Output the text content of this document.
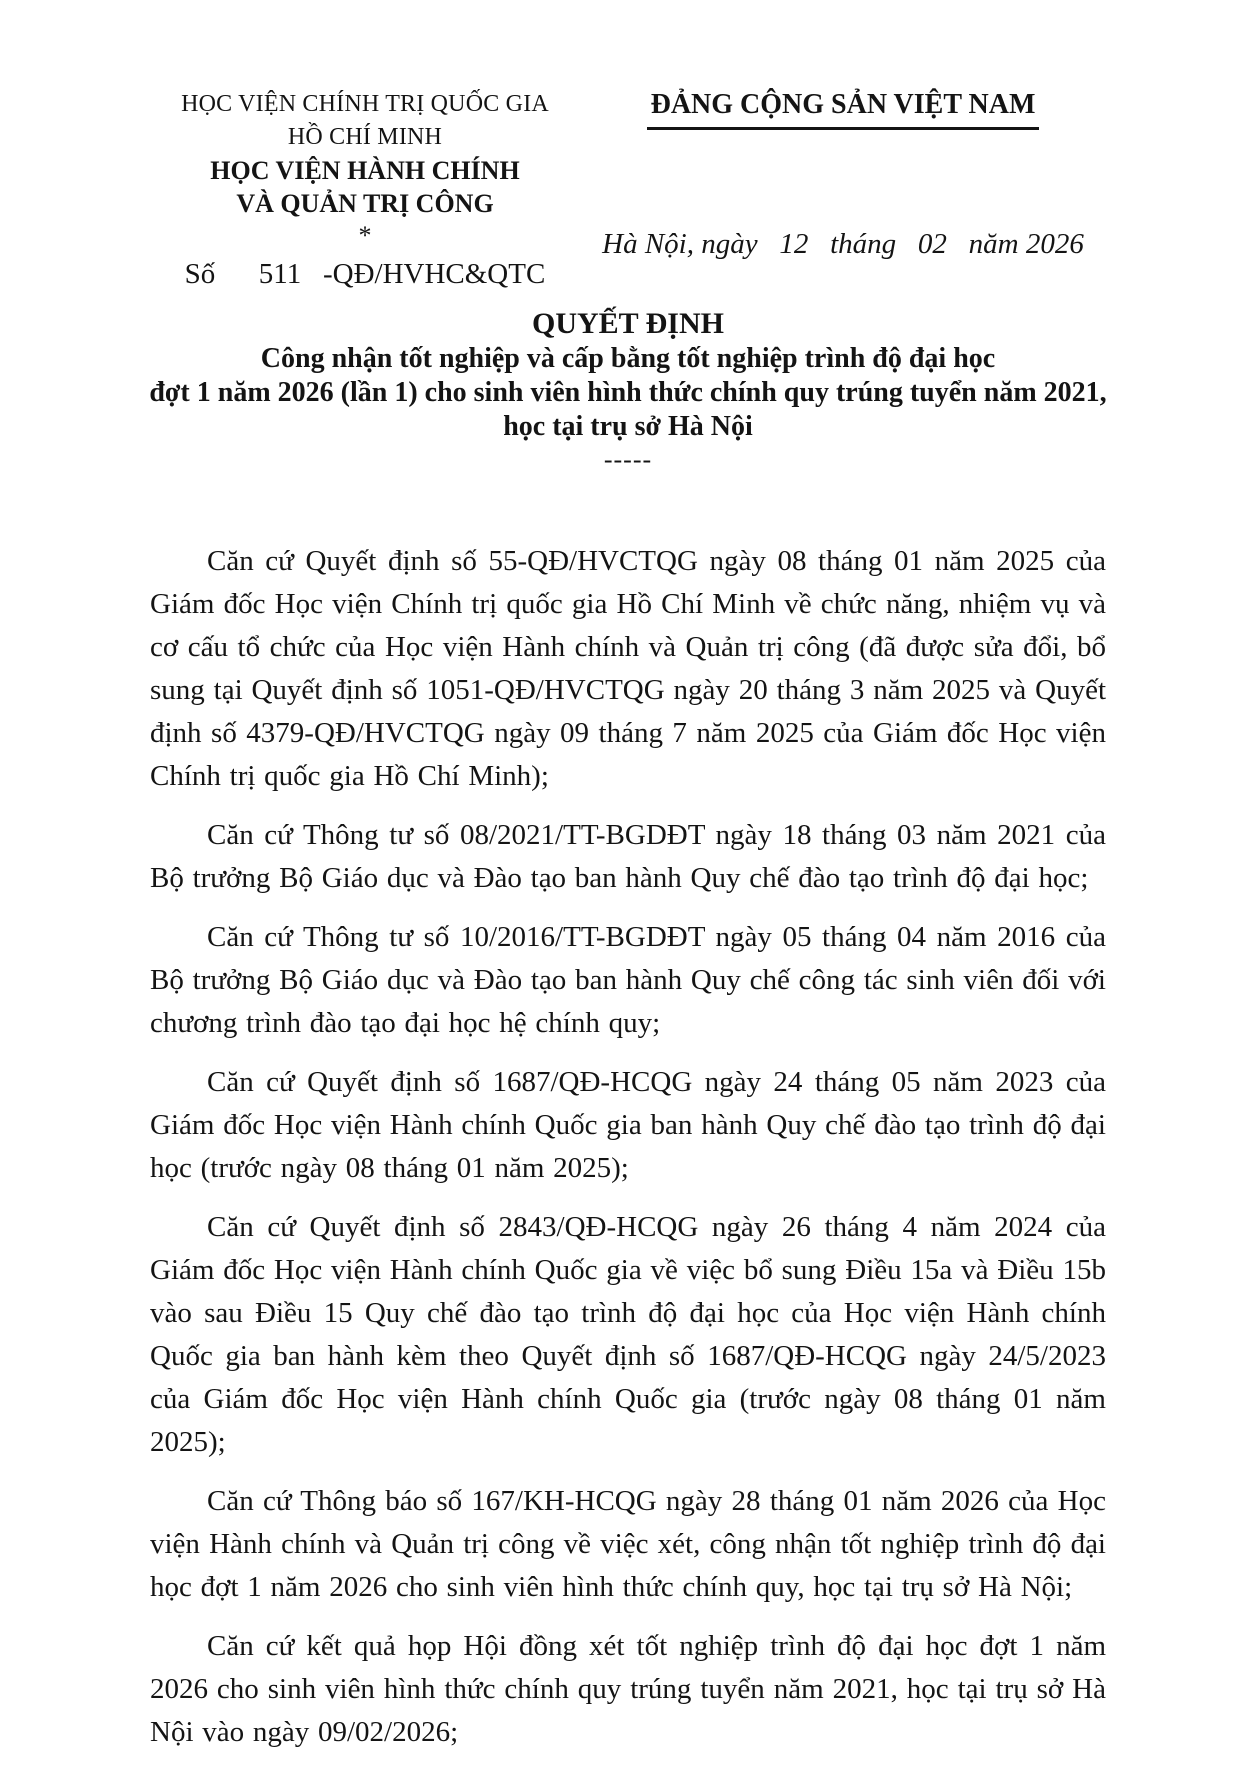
HỌC VIỆN CHÍNH TRỊ QUỐC GIA
HỒ CHÍ MINH
HỌC VIỆN HÀNH CHÍNH
VÀ QUẢN TRỊ CÔNG
*
Số      511   -QĐ/HVHC&QTC
ĐẢNG CỘNG SẢN VIỆT NAM
Hà Nội, ngày   12   tháng   02   năm 2026
QUYẾT ĐỊNH
Công nhận tốt nghiệp và cấp bằng tốt nghiệp trình độ đại học
đợt 1 năm 2026 (lần 1) cho sinh viên hình thức chính quy trúng tuyển năm 2021,
học tại trụ sở Hà Nội
-----

Căn cứ Quyết định số 55-QĐ/HVCTQG ngày 08 tháng 01 năm 2025 của Giám đốc Học viện Chính trị quốc gia Hồ Chí Minh về chức năng, nhiệm vụ và cơ cấu tổ chức của Học viện Hành chính và Quản trị công (đã được sửa đổi, bổ sung tại Quyết định số 1051-QĐ/HVCTQG ngày 20 tháng 3 năm 2025 và Quyết định số 4379-QĐ/HVCTQG ngày 09 tháng 7 năm 2025 của Giám đốc Học viện Chính trị quốc gia Hồ Chí Minh);

Căn cứ Thông tư số 08/2021/TT-BGDĐT ngày 18 tháng 03 năm 2021 của Bộ trưởng Bộ Giáo dục và Đào tạo ban hành Quy chế đào tạo trình độ đại học;

Căn cứ Thông tư số 10/2016/TT-BGDĐT ngày 05 tháng 04 năm 2016 của Bộ trưởng Bộ Giáo dục và Đào tạo ban hành Quy chế công tác sinh viên đối với chương trình đào tạo đại học hệ chính quy;

Căn cứ Quyết định số 1687/QĐ-HCQG ngày 24 tháng 05 năm 2023 của Giám đốc Học viện Hành chính Quốc gia ban hành Quy chế đào tạo trình độ đại học (trước ngày 08 tháng 01 năm 2025);

Căn cứ Quyết định số 2843/QĐ-HCQG ngày 26 tháng 4 năm 2024 của Giám đốc Học viện Hành chính Quốc gia về việc bổ sung Điều 15a và Điều 15b vào sau Điều 15 Quy chế đào tạo trình độ đại học của Học viện Hành chính Quốc gia ban hành kèm theo Quyết định số 1687/QĐ-HCQG ngày 24/5/2023 của Giám đốc Học viện Hành chính Quốc gia (trước ngày 08 tháng 01 năm 2025);

Căn cứ Thông báo số 167/KH-HCQG ngày 28 tháng 01 năm 2026 của Học viện Hành chính và Quản trị công về việc xét, công nhận tốt nghiệp trình độ đại học đợt 1 năm 2026 cho sinh viên hình thức chính quy, học tại trụ sở Hà Nội;

Căn cứ kết quả họp Hội đồng xét tốt nghiệp trình độ đại học đợt 1 năm 2026 cho sinh viên hình thức chính quy trúng tuyển năm 2021, học tại trụ sở Hà Nội vào ngày 09/02/2026;
